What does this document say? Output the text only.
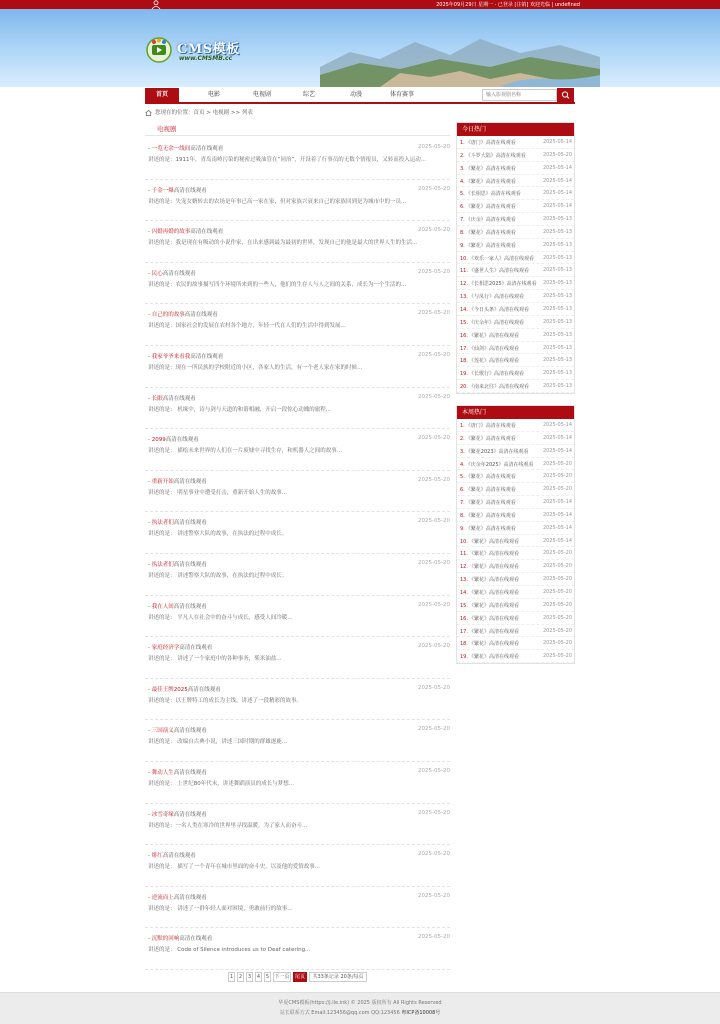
2025年09月29日 星期一 · 已登录 [注销] 欢迎光临 | undefined
CMS模板
www.CMSMB.cc
首页	电影	电视剧	综艺	动漫	体育赛事
输入影视剧名称
您现在的位置：首页 > 电视剧 >> 列表
电视剧
- 一览无余一线间高清在线观看	2025-05-20
讲述的是：1911年，青岛南岭污染的秘密过吸油管在“同治”，开设着了行事员的无数个情报员，又转而投入运动...
- 千金一爆高清在线观看	2025-05-20
讲述的是：失宠女婿转去的农场是年事已高一家在家，但对家族兴衰来自己的家族回到是为城市中的一员...
- 闪婚再婚的故事高清在线观看	2025-05-20
讲述的是：我是现在有吸动的小说作家，在出来感到最为最初的世界，发现自己的他是最大的世界人生的生活...
- 民心高清在线观看	2025-05-20
讲述的是：农民的故事描写四个环境所来到的一些人，他们的生存人与人之间的关系，成长为一个生活的...
- 自己的的故事高清在线观看	2025-05-20
讲述的是：国家社会的发展在农村各个地方，年轻一代在人们的生活中得到发展...
- 我家爷爷来看我高清在线观看	2025-05-20
讲述的是：现在一所民族的学校附近的小区，各家人的生活，有一个老人家在家的时候...
- 长眠高清在线观看	2025-05-20
讲述的是： 机缘中，诗与剑与天道的和谐相融，开启一段惊心动魄的旅程...
- 2099高清在线观看	2025-05-20
讲述的是： 描绘未来世界的人们在一片废墟中寻找生存，和机器人之间的故事...
- 重新开始高清在线观看	2025-05-20
讲述的是： 明星事业中遭受打击，重新开始人生的故事...
- 执法者们高清在线观看	2025-05-20
讲述的是： 讲述警察大队的故事，在执法的过程中成长。
- 执法者们高清在线观看	2025-05-20
讲述的是： 讲述警察大队的故事，在执法的过程中成长。
- 我在人间高清在线观看	2025-05-20
讲述的是： 平凡人在社会中的奋斗与成长，感受人间冷暖...
- 家庭经济学高清在线观看	2025-05-20
讲述的是： 讲述了一个家庭中的各种事务，柴米油盐...
- 最佳王牌2025高清在线观看	2025-05-20
讲述的是：以王牌特工的成长为主线，讲述了一段精彩的故事。
- 三国演义高清在线观看	2025-05-20
讲述的是： 改编自古典小说，讲述三国时期的群雄逐鹿...
- 舞动人生高清在线观看	2025-05-20
讲述的是： 上世纪80年代末，讲述舞蹈演员的成长与梦想...
- 冰雪奇缘高清在线观看	2025-05-20
讲述的是：一名人类在寒冷的世界里寻找温暖，为了家人而奋斗...
- 绯红高清在线观看	2025-05-20
讲述的是： 描写了一个青年在城市里面的奋斗史，以及他的爱情故事...
- 逆流而上高清在线观看	2025-05-20
讲述的是： 讲述了一群年轻人面对困境，勇敢前行的故事...
- 沉默的回响高清在线观看	2025-05-20
讲述的是： Code of Silence introduces us to Deaf catering...
1	2	3	4	5	下一页	尾页	共33条记录 20条/每页
今日热门
1.《唐门》高清在线观看	2025-05-14
2.《斗罗大陆》高清在线观看	2025-05-20
3.《繁花》高清在线观看	2025-05-14
4.《繁花》高清在线观看	2025-05-14
5.《长相思》高清在线观看	2025-05-14
6.《繁花》高清在线观看	2025-05-14
7.《庆余》高清在线观看	2025-05-13
8.《繁花》高清在线观看	2025-05-13
9.《繁花》高清在线观看	2025-05-13
10.《欢乐一家人》高清在线观看	2025-05-13
11.《盛世人生》高清在线观看	2025-05-13
12.《长相思2025》高清在线观看	2025-05-13
13.《与凤行》高清在线观看	2025-05-13
14.《今日头条》高清在线观看	2025-05-13
15.《庆余年》高清在线观看	2025-05-13
16.《繁花》高清在线观看	2025-05-13
17.《仙剑》高清在线观看	2025-05-13
18.《莲花》高清在线观看	2025-05-13
19.《长歌行》高清在线观看	2025-05-13
20.《南来北往》高清在线观看	2025-05-13
本周热门
1.《唐门》高清在线观看	2025-05-14
2.《繁花》高清在线观看	2025-05-14
3.《繁花2023》高清在线观看	2025-05-14
4.《庆余年2025》高清在线观看	2025-05-20
5.《繁花》高清在线观看	2025-05-20
6.《繁花》高清在线观看	2025-05-20
7.《繁花》高清在线观看	2025-05-14
8.《繁花》高清在线观看	2025-05-14
9.《繁花》高清在线观看	2025-05-14
10.《繁花》高清在线观看	2025-05-14
11.《繁花》高清在线观看	2025-05-20
12.《繁花》高清在线观看	2025-05-20
13.《繁花》高清在线观看	2025-05-20
14.《繁花》高清在线观看	2025-05-20
15.《繁花》高清在线观看	2025-05-20
16.《繁花》高清在线观看	2025-05-20
17.《繁花》高清在线观看	2025-05-20
18.《繁花》高清在线观看	2025-05-20
19.《繁花》高清在线观看	2025-05-20
华夏CMS模板(https://j.lle.ink) © 2025 版权所有 All Rights Reserved
站长联系方式 Email:123456@qq.com QQ:123456 粤ICP备10008号
